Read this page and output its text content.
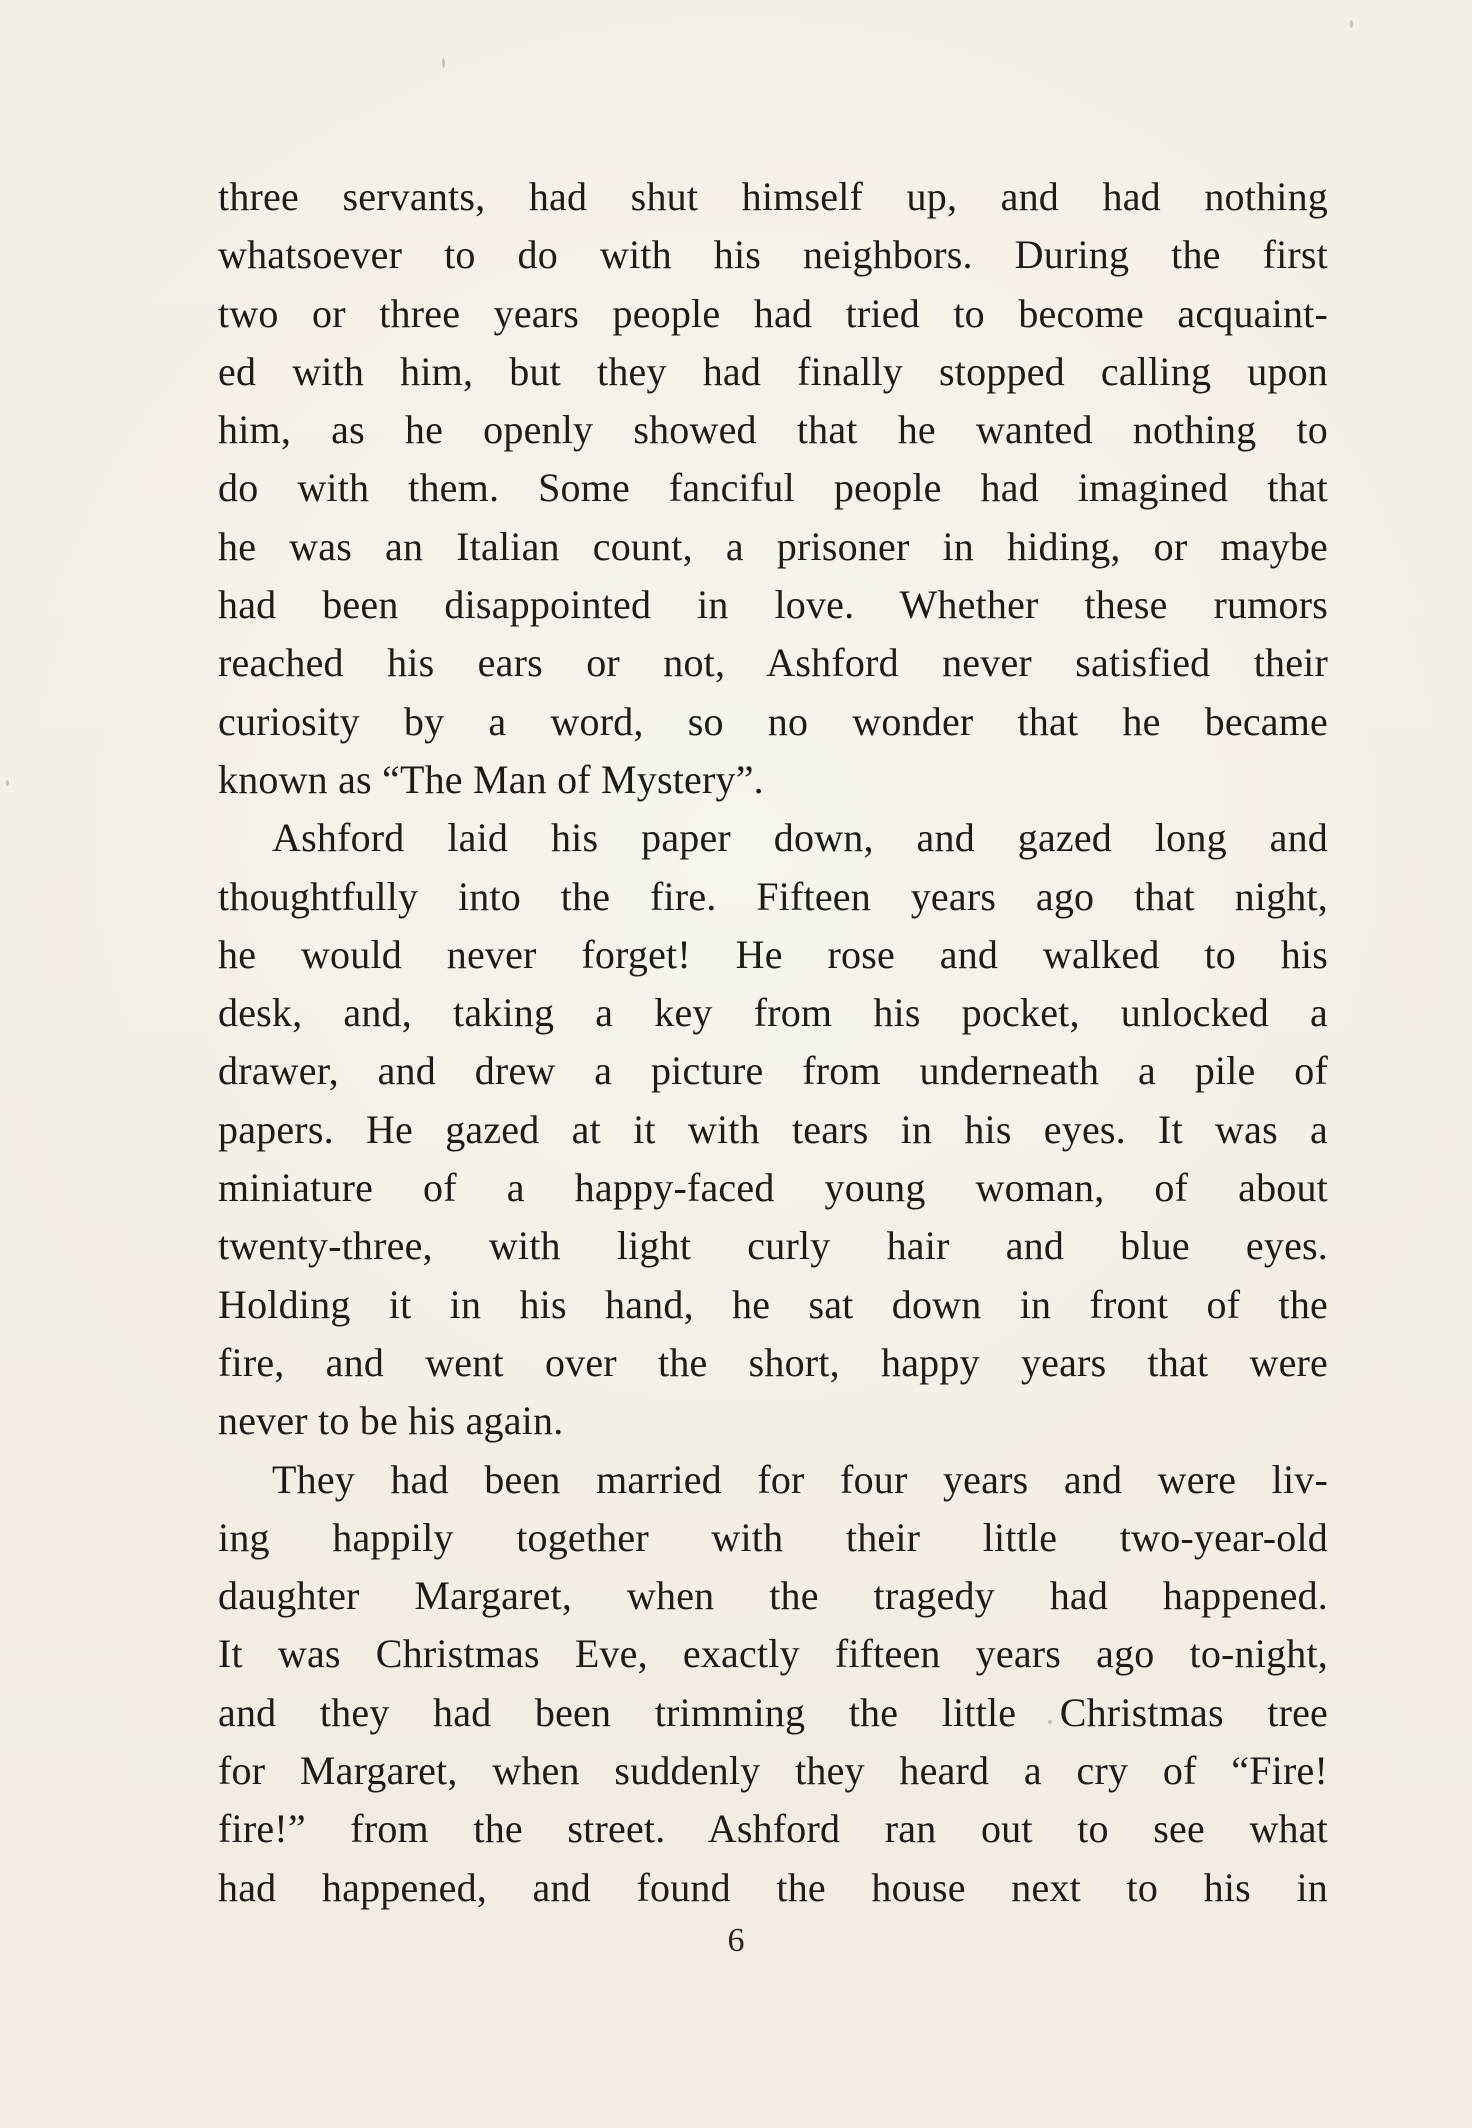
three servants, had shut himself up, and had nothing
whatsoever to do with his neighbors. During the first
two or three years people had tried to become acquaint-
ed with him, but they had finally stopped calling upon
him, as he openly showed that he wanted nothing to
do with them. Some fanciful people had imagined that
he was an Italian count, a prisoner in hiding, or maybe
had been disappointed in love. Whether these rumors
reached his ears or not, Ashford never satisfied their
curiosity by a word, so no wonder that he became
known as “The Man of Mystery”.
Ashford laid his paper down, and gazed long and
thoughtfully into the fire. Fifteen years ago that night,
he would never forget! He rose and walked to his
desk, and, taking a key from his pocket, unlocked a
drawer, and drew a picture from underneath a pile of
papers. He gazed at it with tears in his eyes. It was a
miniature of a happy-faced young woman, of about
twenty-three, with light curly hair and blue eyes.
Holding it in his hand, he sat down in front of the
fire, and went over the short, happy years that were
never to be his again.
They had been married for four years and were liv-
ing happily together with their little two-year-old
daughter Margaret, when the tragedy had happened.
It was Christmas Eve, exactly fifteen years ago to-night,
and they had been trimming the little Christmas tree
for Margaret, when suddenly they heard a cry of “Fire!
fire!” from the street. Ashford ran out to see what
had happened, and found the house next to his in
6
